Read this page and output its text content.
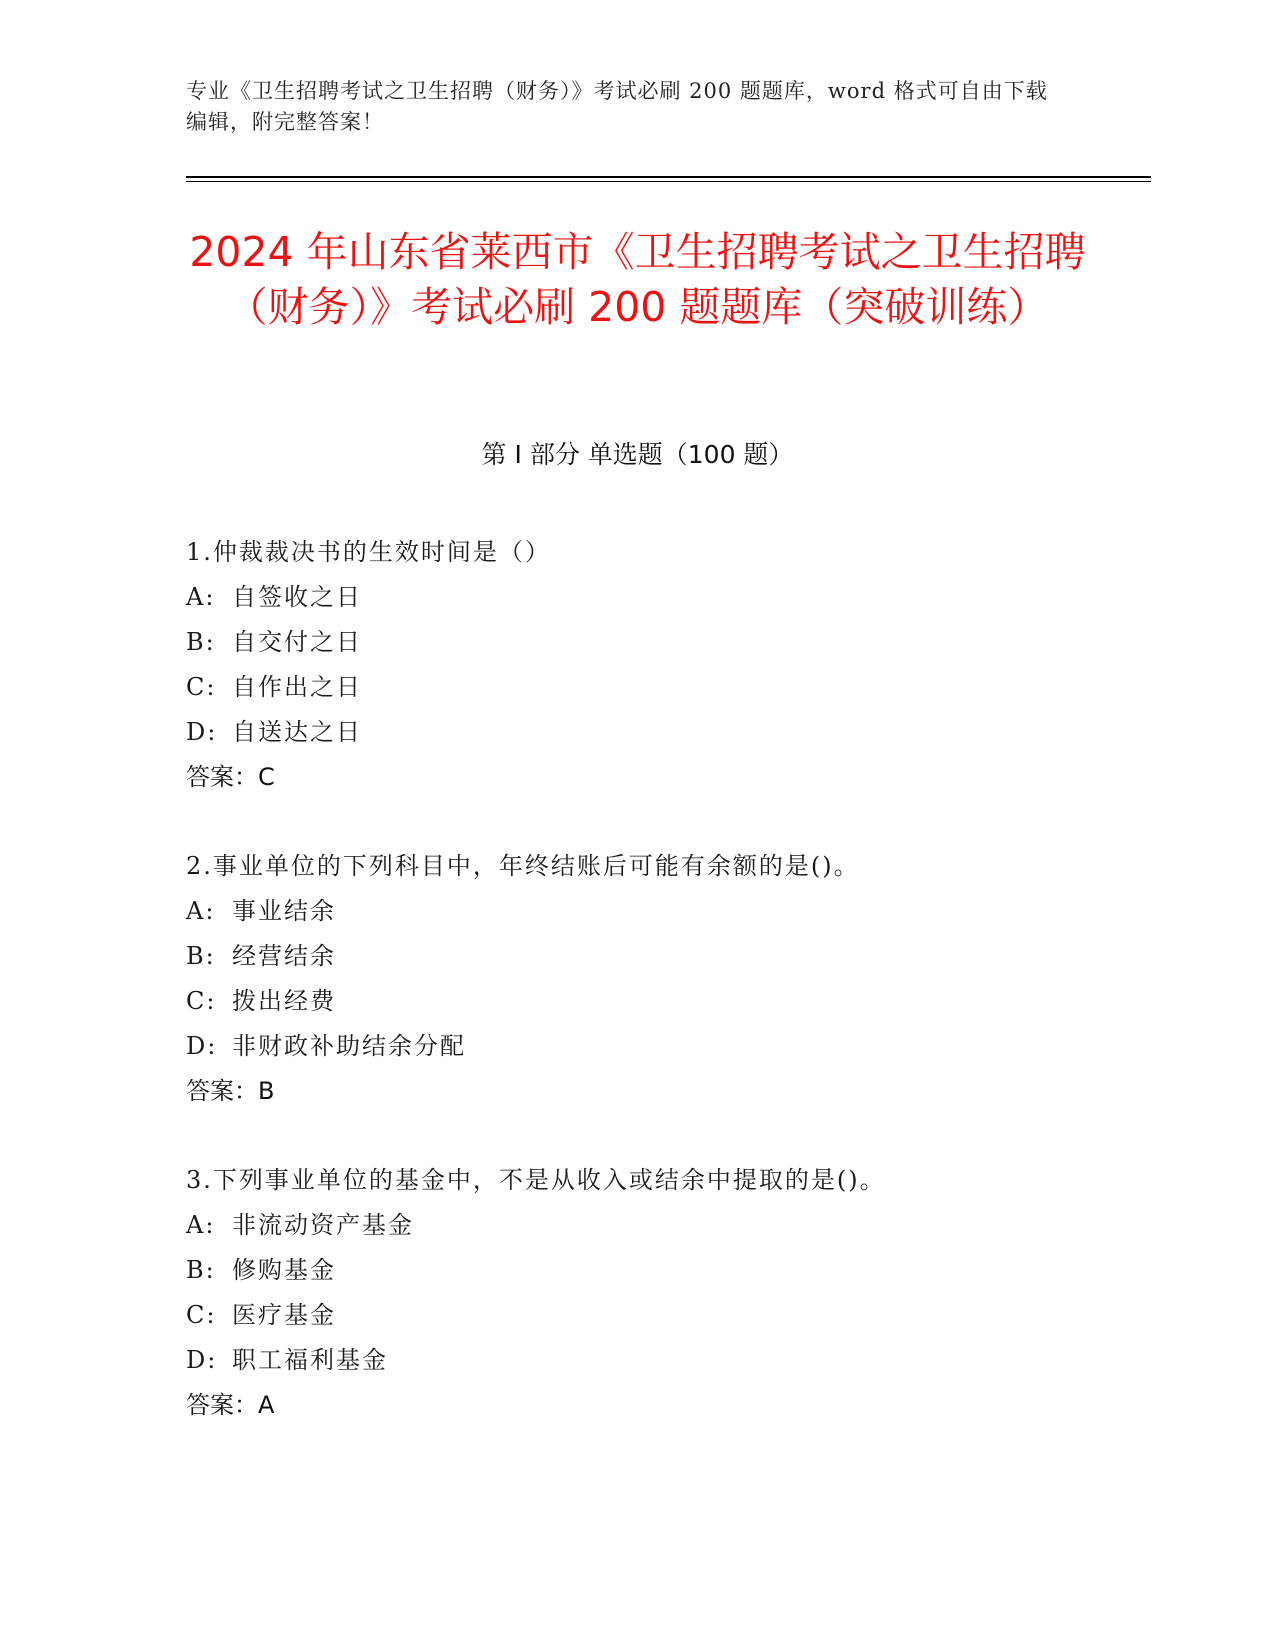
专业《卫生招聘考试之卫生招聘（财务）》考试必刷 200 题题库，word 格式可自由下载编辑，附完整答案！
2024 年山东省莱西市《卫生招聘考试之卫生招聘（财务）》考试必刷 200 题题库（突破训练）
第 I 部分 单选题（100 题）
1.仲裁裁决书的生效时间是（）
A: 自签收之日
B: 自交付之日
C: 自作出之日
D: 自送达之日
答案：C
2.事业单位的下列科目中，年终结账后可能有余额的是()。
A: 事业结余
B: 经营结余
C: 拨出经费
D: 非财政补助结余分配
答案：B
3.下列事业单位的基金中，不是从收入或结余中提取的是()。
A: 非流动资产基金
B: 修购基金
C: 医疗基金
D: 职工福利基金
答案：A
